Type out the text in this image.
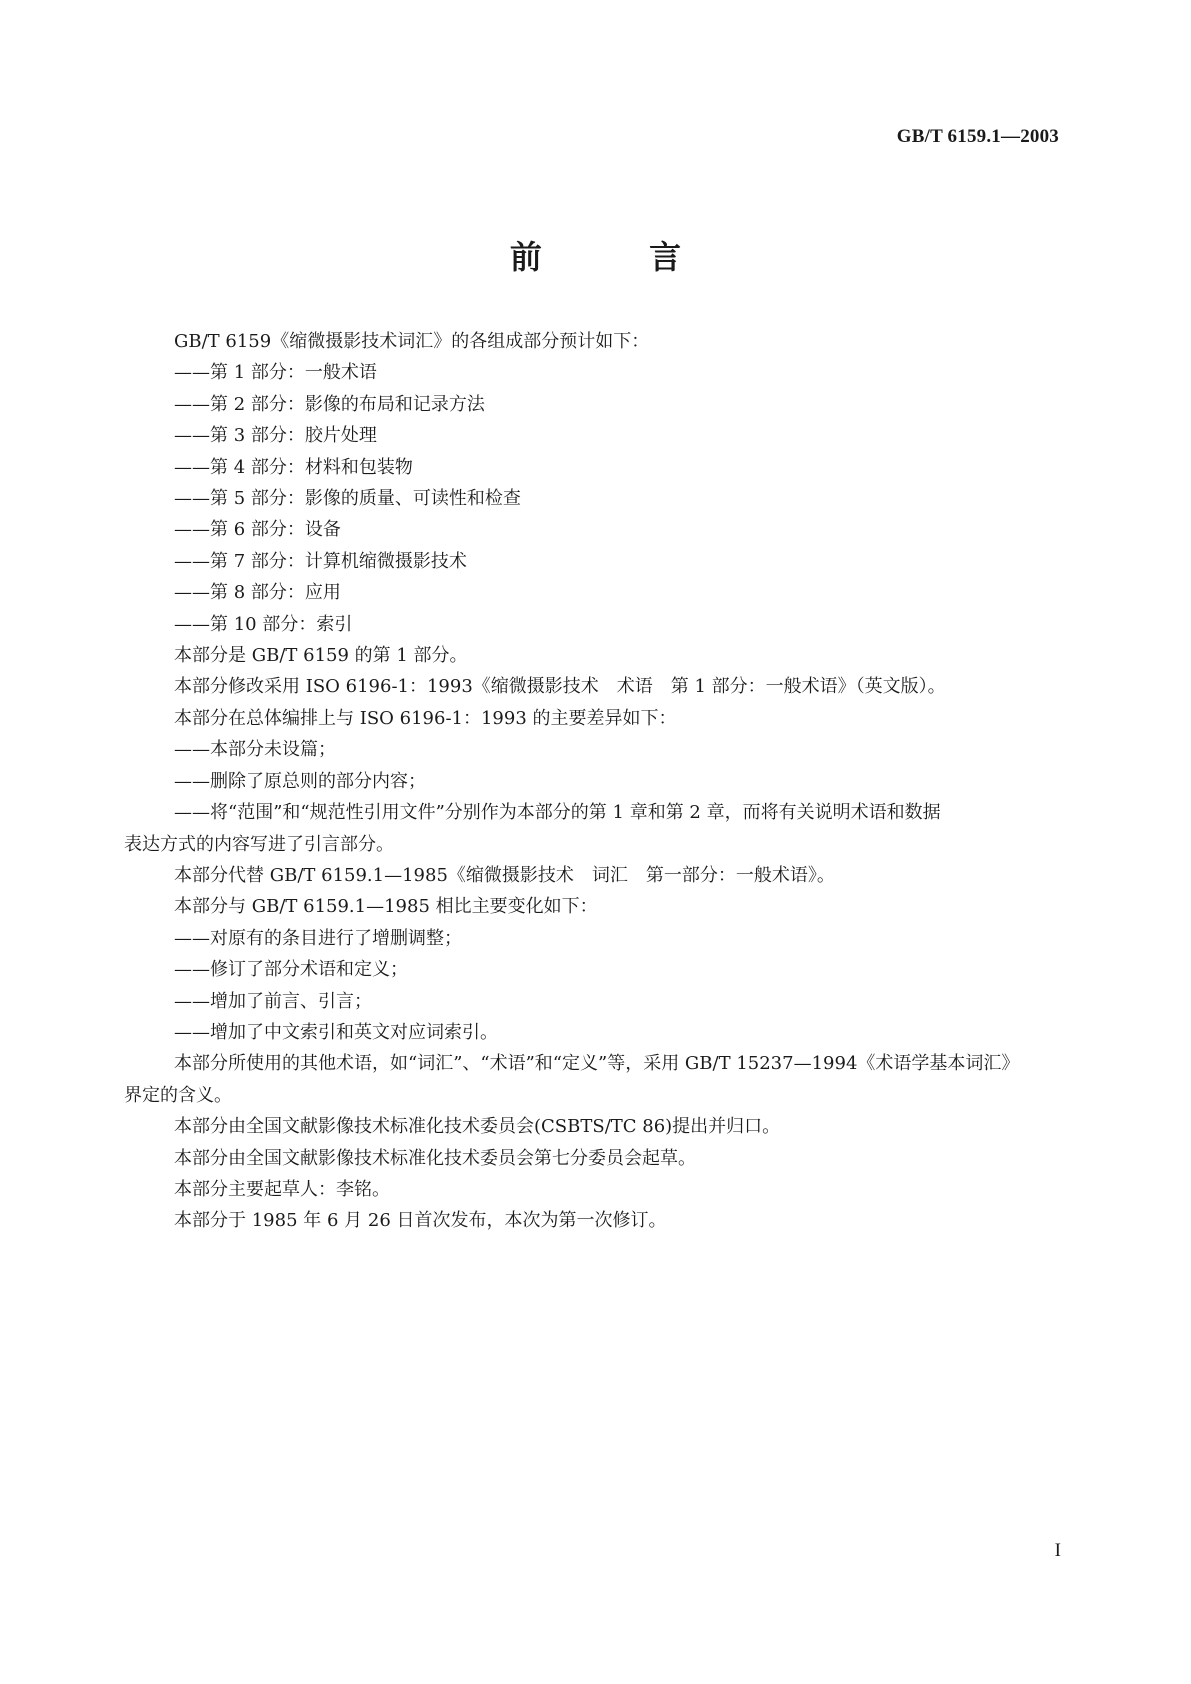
GB/T 6159.1—2003
前 言
GB/T 6159《缩微摄影技术词汇》的各组成部分预计如下：
——第 1 部分：一般术语
——第 2 部分：影像的布局和记录方法
——第 3 部分：胶片处理
——第 4 部分：材料和包装物
——第 5 部分：影像的质量、可读性和检查
——第 6 部分：设备
——第 7 部分：计算机缩微摄影技术
——第 8 部分：应用
——第 10 部分：索引
本部分是 GB/T 6159 的第 1 部分。
本部分修改采用 ISO 6196-1：1993《缩微摄影技术　术语　第 1 部分：一般术语》（英文版）。
本部分在总体编排上与 ISO 6196-1：1993 的主要差异如下：
——本部分未设篇；
——删除了原总则的部分内容；
——将“范围”和“规范性引用文件”分别作为本部分的第 1 章和第 2 章，而将有关说明术语和数据
表达方式的内容写进了引言部分。
本部分代替 GB/T 6159.1—1985《缩微摄影技术　词汇　第一部分：一般术语》。
本部分与 GB/T 6159.1—1985 相比主要变化如下：
——对原有的条目进行了增删调整；
——修订了部分术语和定义；
——增加了前言、引言；
——增加了中文索引和英文对应词索引。
本部分所使用的其他术语，如“词汇”、“术语”和“定义”等，采用 GB/T 15237—1994《术语学基本词汇》
界定的含义。
本部分由全国文献影像技术标准化技术委员会(CSBTS/TC 86)提出并归口。
本部分由全国文献影像技术标准化技术委员会第七分委员会起草。
本部分主要起草人：李铭。
本部分于 1985 年 6 月 26 日首次发布，本次为第一次修订。
I
